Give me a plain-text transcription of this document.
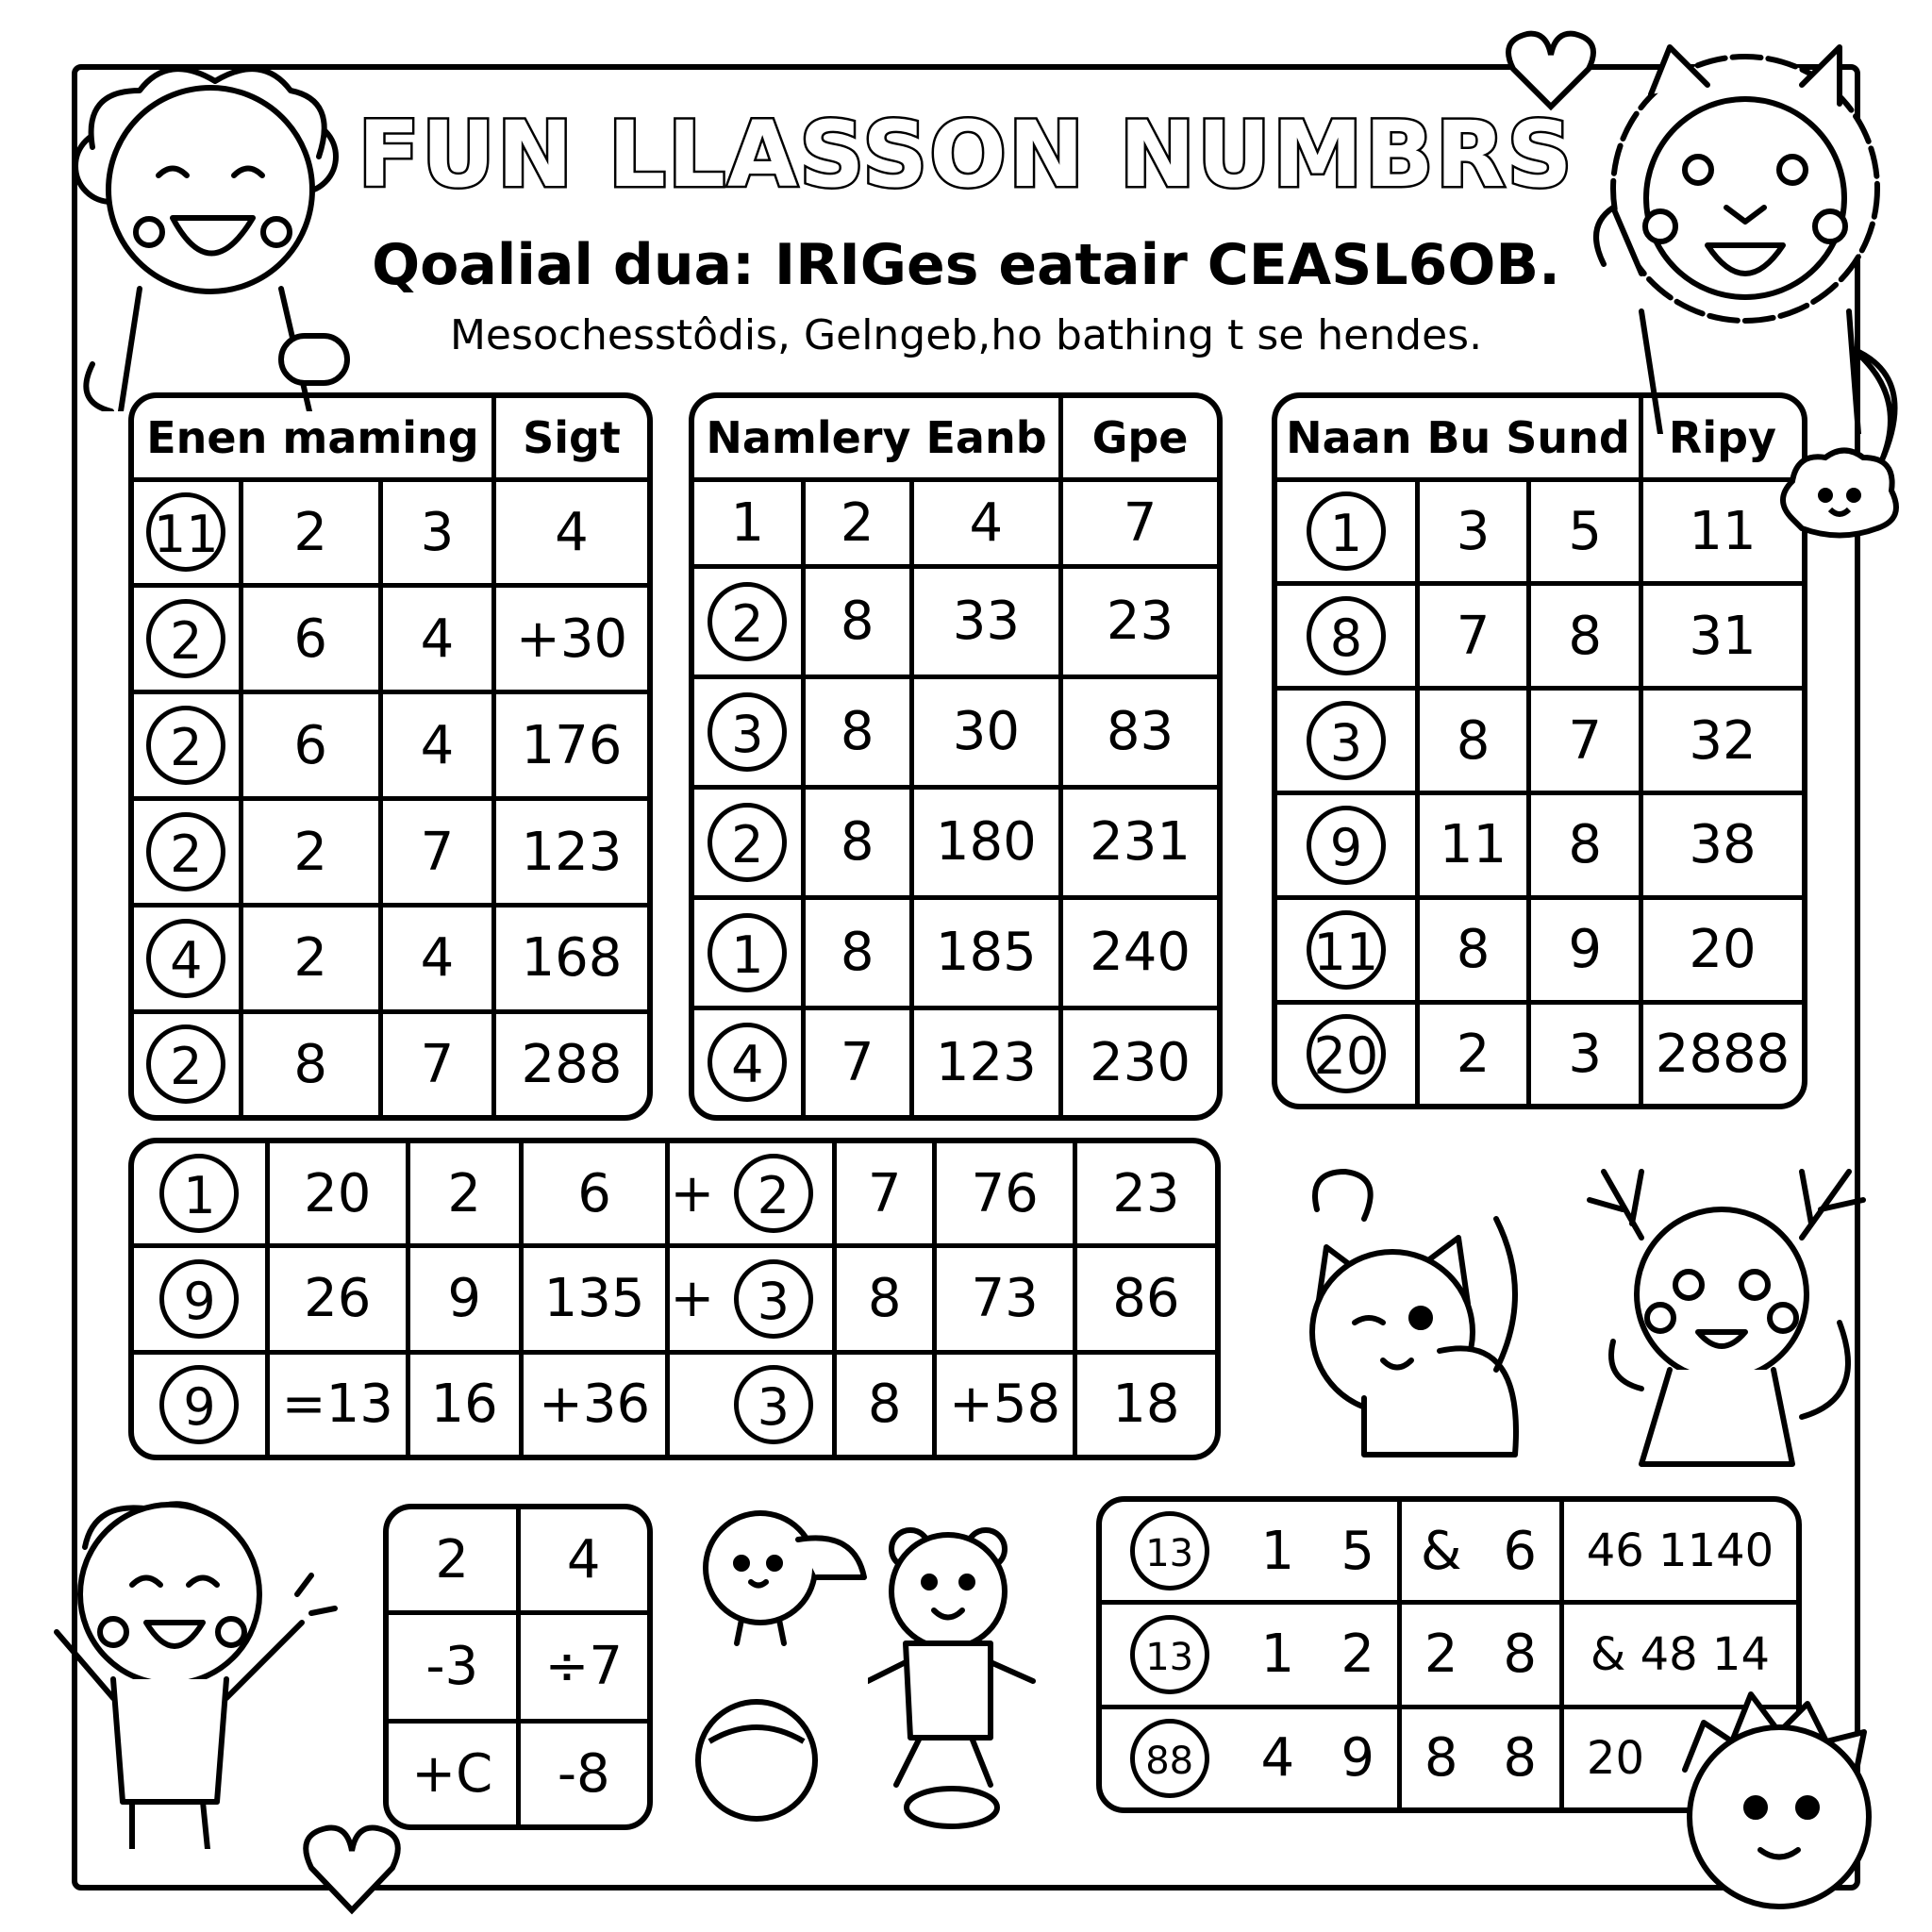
FUN LLASSON NUMBRS
Qoalial dua: IRIGes eatair CEASL6OB.
Mesochesstôdis, Gelngeb,ho bathing t se hendes.
Enen maming			Sigt
11	2	3	4
2	6	4	+30
2	6	4	176
2	2	7	123
4	2	4	168
2	8	7	288
Namlery Eanb			Gpe
1	2	4	7
2	8	33	23
3	8	30	83
2	8	180	231
1	8	185	240
4	7	123	230
Naan Bu Sund			Ripy
1	3	5	11
8	7	8	31
3	8	7	32
9	11	8	38
11	8	9	20
20	2	3	2888
1	20	2	6	+	2	7	76	23
9	26	9	135	+	3	8	73	86
9	=13	16	+36		3	8	+58	18
2	4
-3	÷7
+C	-8
13	1	5	&	6	46 1140
13	1	2	2	8	& 48 14
88	4	9	8	8	20
